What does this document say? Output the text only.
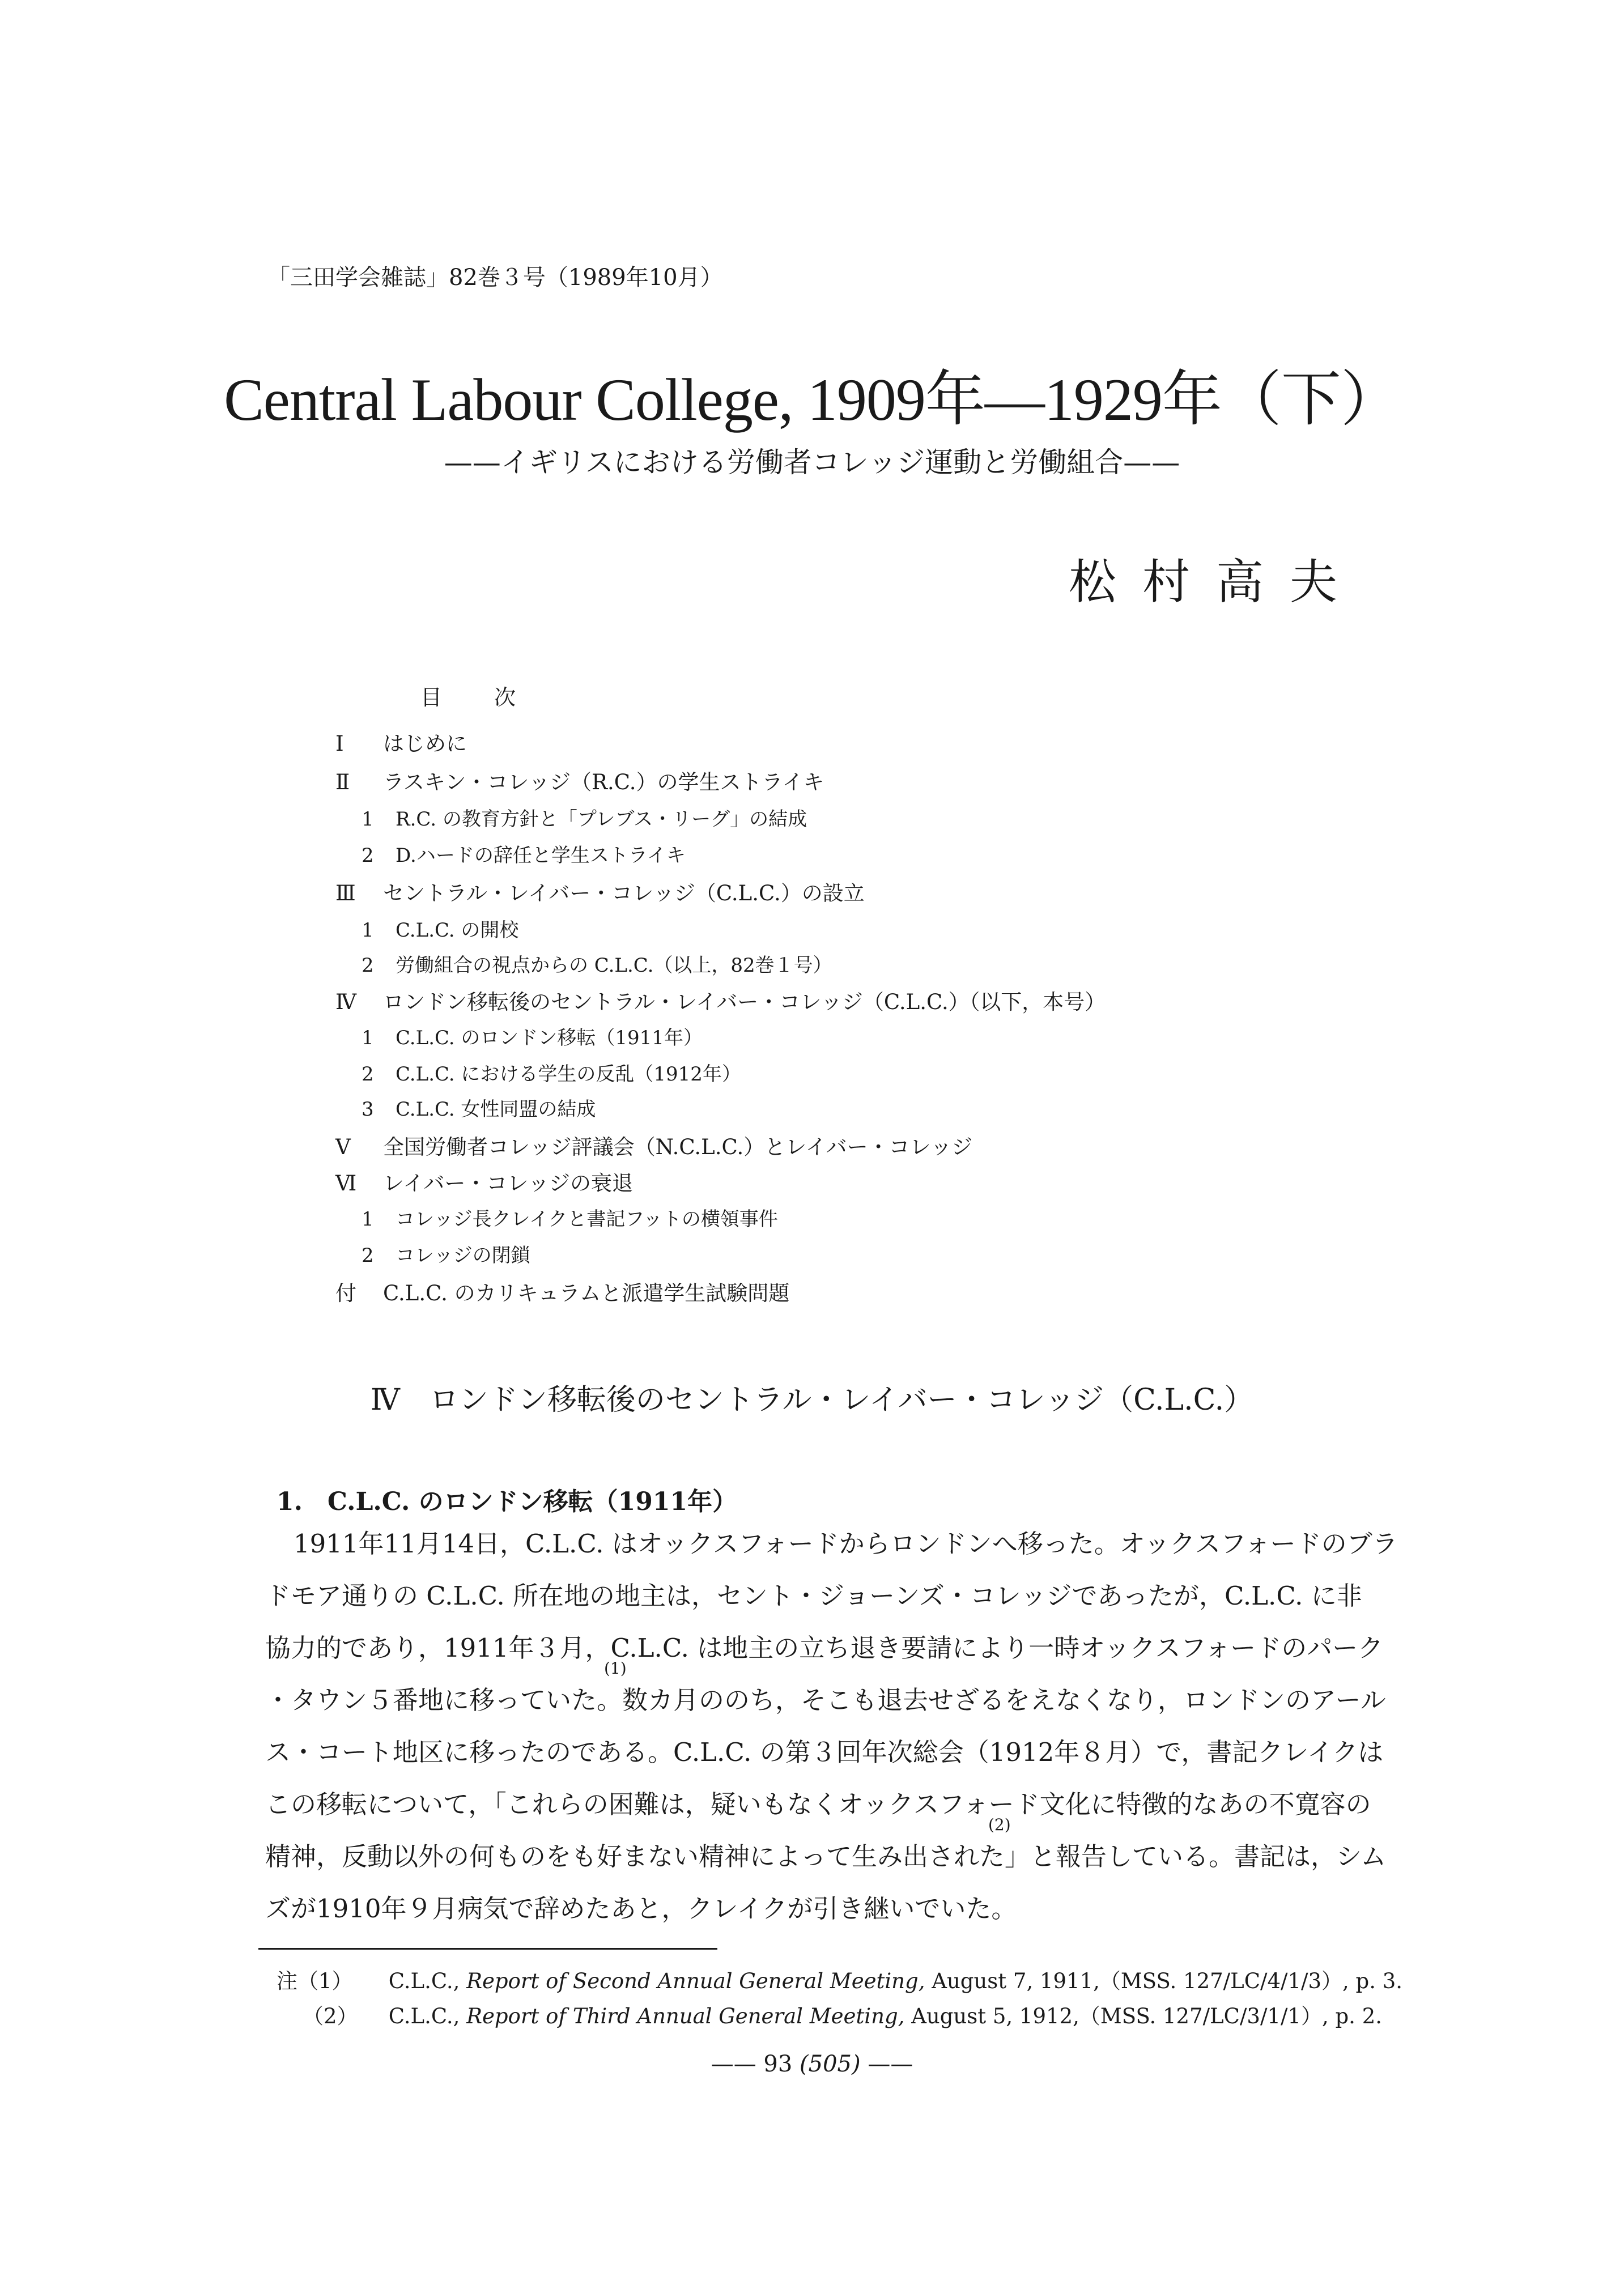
「三田学会雑誌」82巻３号（1989年10月）
Central Labour College, 1909年—1929年（下）
——イギリスにおける労働者コレッジ運動と労働組合——
松村高夫
目次
Ⅰ はじめに
Ⅱ ラスキン・コレッジ（R.C.）の学生ストライキ
1 R.C. の教育方針と「プレブス・リーグ」の結成
2 D.ハードの辞任と学生ストライキ
Ⅲ セントラル・レイバー・コレッジ（C.L.C.）の設立
1 C.L.C. の開校
2 労働組合の視点からの C.L.C.（以上，82巻１号）
Ⅳ ロンドン移転後のセントラル・レイバー・コレッジ（C.L.C.）（以下，本号）
1 C.L.C. のロンドン移転（1911年）
2 C.L.C. における学生の反乱（1912年）
3 C.L.C. 女性同盟の結成
Ⅴ 全国労働者コレッジ評議会（N.C.L.C.）とレイバー・コレッジ
Ⅵ レイバー・コレッジの衰退
1 コレッジ長クレイクと書記フットの横領事件
2 コレッジの閉鎖
付 C.L.C. のカリキュラムと派遣学生試験問題
Ⅳ　ロンドン移転後のセントラル・レイバー・コレッジ（C.L.C.）
1.　C.L.C. のロンドン移転（1911年）
1911年11月14日，C.L.C. はオックスフォードからロンドンへ移った。オックスフォードのブラ
ドモア通りの C.L.C. 所在地の地主は，セント・ジョーンズ・コレッジであったが，C.L.C. に非
協力的であり，1911年３月，C.L.C. は地主の立ち退き要請により一時オックスフォードのパーク
・タウン５番地に移っていた。数カ月ののち，そこも退去せざるをえなくなり，ロンドンのアール
ス・コート地区に移ったのである。C.L.C. の第３回年次総会（1912年８月）で，書記クレイクは
この移転について，「これらの困難は，疑いもなくオックスフォード文化に特徴的なあの不寛容の
精神，反動以外の何ものをも好まない精神によって生み出された」と報告している。書記は，シム
ズが1910年９月病気で辞めたあと，クレイクが引き継いでいた。
(1)
(2)
注（1） C.L.C., Report of Second Annual General Meeting, August 7, 1911,（MSS. 127/LC/4/1/3）, p. 3.
（2） C.L.C., Report of Third Annual General Meeting, August 5, 1912,（MSS. 127/LC/3/1/1）, p. 2.
—— 93 (505) ——
